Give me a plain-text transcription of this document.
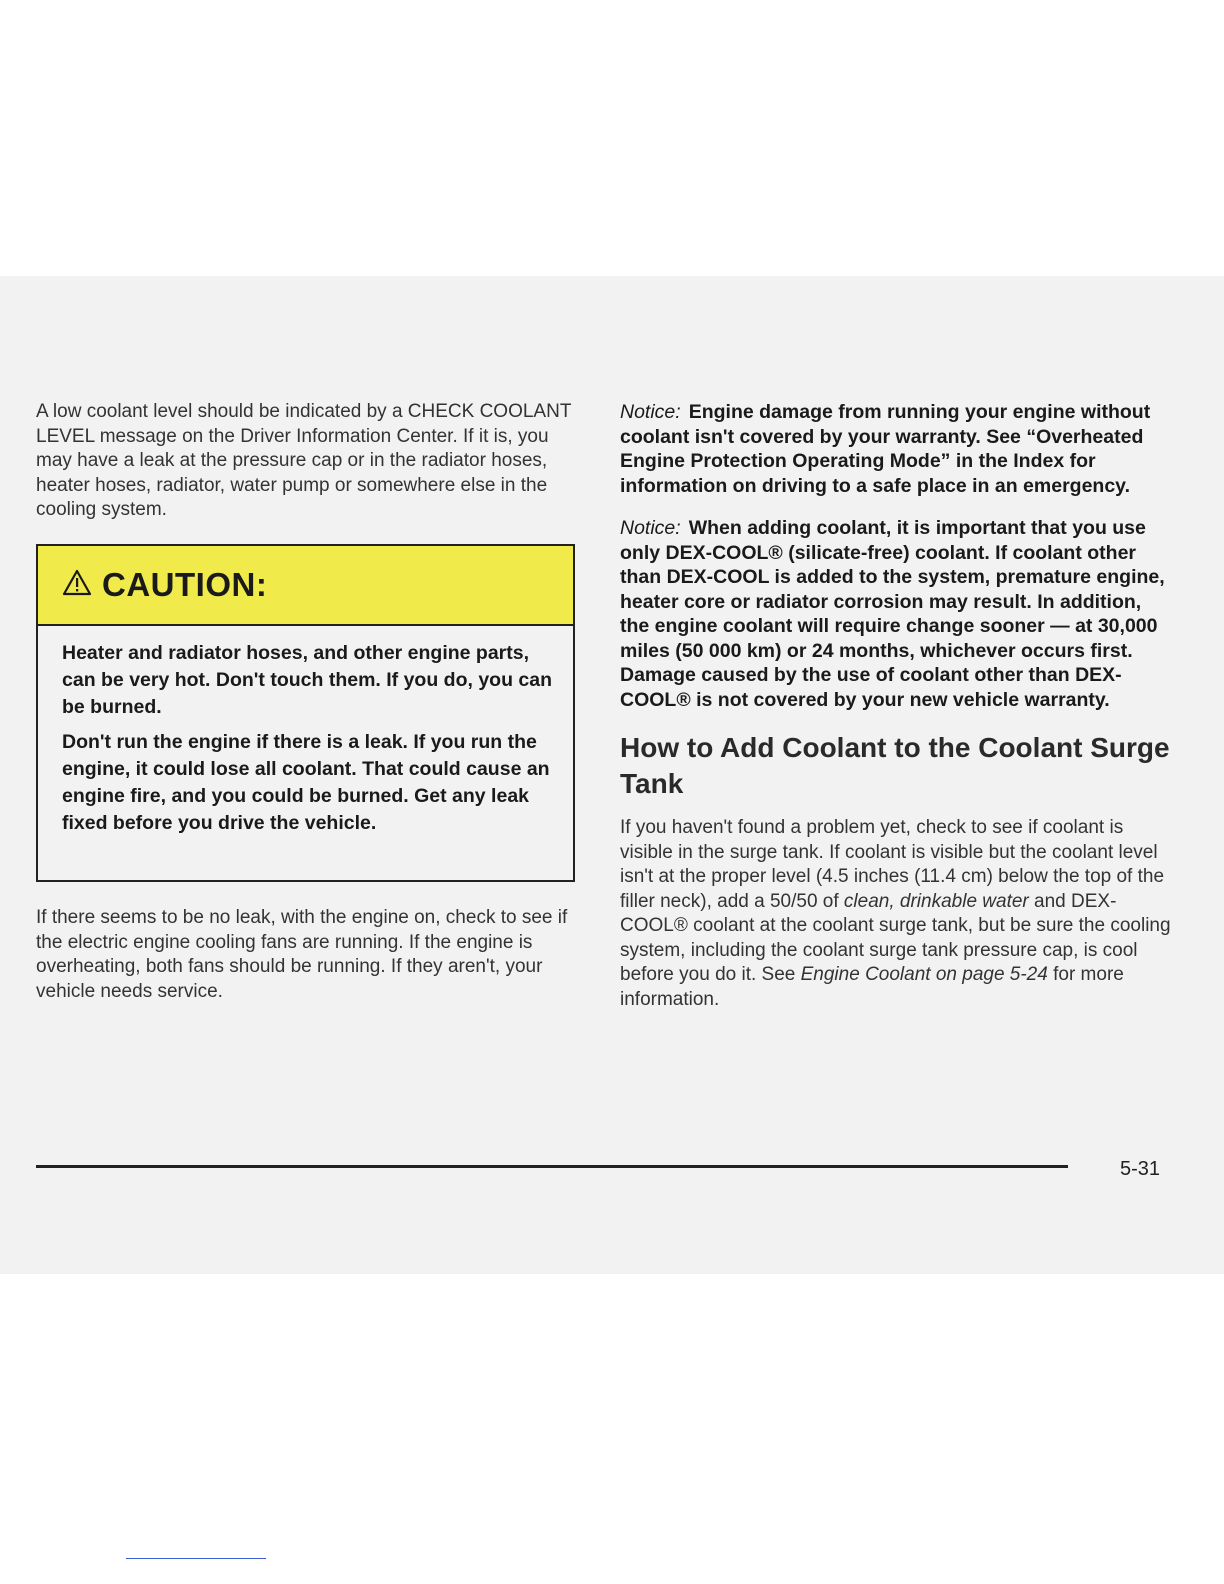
A low coolant level should be indicated by a CHECK COOLANT LEVEL message on the Driver Information Center. If it is, you may have a leak at the pressure cap or in the radiator hoses, heater hoses, radiator, water pump or somewhere else in the cooling system.

CAUTION:

Heater and radiator hoses, and other engine parts, can be very hot. Don't touch them. If you do, you can be burned.

Don't run the engine if there is a leak. If you run the engine, it could lose all coolant. That could cause an engine fire, and you could be burned. Get any leak fixed before you drive the vehicle.

If there seems to be no leak, with the engine on, check to see if the electric engine cooling fans are running. If the engine is overheating, both fans should be running. If they aren't, your vehicle needs service.

Notice: Engine damage from running your engine without coolant isn't covered by your warranty. See “Overheated Engine Protection Operating Mode” in the Index for information on driving to a safe place in an emergency.

Notice: When adding coolant, it is important that you use only DEX-COOL® (silicate-free) coolant. If coolant other than DEX-COOL is added to the system, premature engine, heater core or radiator corrosion may result. In addition, the engine coolant will require change sooner — at 30,000 miles (50 000 km) or 24 months, whichever occurs first. Damage caused by the use of coolant other than DEX-COOL® is not covered by your new vehicle warranty.

How to Add Coolant to the Coolant Surge Tank

If you haven't found a problem yet, check to see if coolant is visible in the surge tank. If coolant is visible but the coolant level isn't at the proper level (4.5 inches (11.4 cm) below the top of the filler neck), add a 50/50 of clean, drinkable water and DEX-COOL® coolant at the coolant surge tank, but be sure the cooling system, including the coolant surge tank pressure cap, is cool before you do it. See Engine Coolant on page 5-24 for more information.

5-31
